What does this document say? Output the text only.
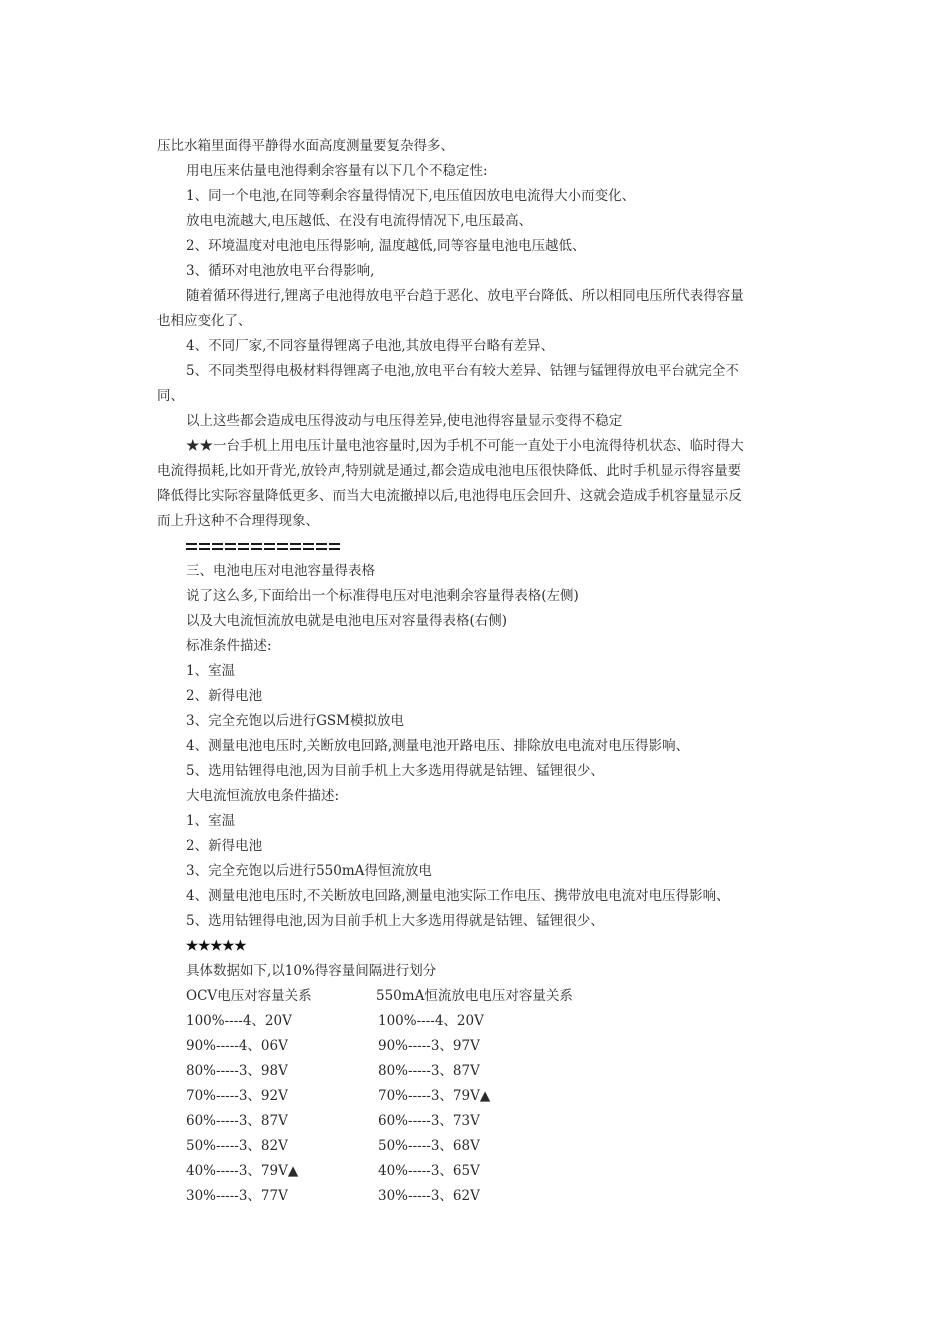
压比水箱里面得平静得水面高度测量要复杂得多、
用电压来估量电池得剩余容量有以下几个不稳定性:
1、同一个电池,在同等剩余容量得情况下,电压值因放电电流得大小而变化、
放电电流越大,电压越低、在没有电流得情况下,电压最高、
2、环境温度对电池电压得影响, 温度越低,同等容量电池电压越低、
3、循环对电池放电平台得影响,
随着循环得进行,锂离子电池得放电平台趋于恶化、放电平台降低、所以相同电压所代表得容量
也相应变化了、
4、不同厂家,不同容量得锂离子电池,其放电得平台略有差异、
5、不同类型得电极材料得锂离子电池,放电平台有较大差异、钴锂与锰锂得放电平台就完全不
同、
以上这些都会造成电压得波动与电压得差异,使电池得容量显示变得不稳定
★★一台手机上用电压计量电池容量时,因为手机不可能一直处于小电流得待机状态、临时得大
电流得损耗,比如开背光,放铃声,特别就是通过,都会造成电池电压很快降低、此时手机显示得容量要
降低得比实际容量降低更多、而当大电流撤掉以后,电池得电压会回升、这就会造成手机容量显示反
而上升这种不合理得现象、
三、电池电压对电池容量得表格
说了这么多,下面给出一个标准得电压对电池剩余容量得表格(左侧)
以及大电流恒流放电就是电池电压对容量得表格(右侧)
标准条件描述:
1、室温
2、新得电池
3、完全充饱以后进行GSM模拟放电
4、测量电池电压时,关断放电回路,测量电池开路电压、排除放电电流对电压得影响、
5、选用钴锂得电池,因为目前手机上大多选用得就是钴锂、锰锂很少、
大电流恒流放电条件描述:
1、室温
2、新得电池
3、完全充饱以后进行550mA得恒流放电
4、测量电池电压时,不关断放电回路,测量电池实际工作电压、携带放电电流对电压得影响、
5、选用钴锂得电池,因为目前手机上大多选用得就是钴锂、锰锂很少、
★★★★★
具体数据如下,以10%得容量间隔进行划分
OCV电压对容量关系	550mA恒流放电电压对容量关系
100%----4、20V	100%----4、20V
90%-----4、06V	90%-----3、97V
80%-----3、98V	80%-----3、87V
70%-----3、92V	70%-----3、79V▲
60%-----3、87V	60%-----3、73V
50%-----3、82V	50%-----3、68V
40%-----3、79V▲	40%-----3、65V
30%-----3、77V	30%-----3、62V
